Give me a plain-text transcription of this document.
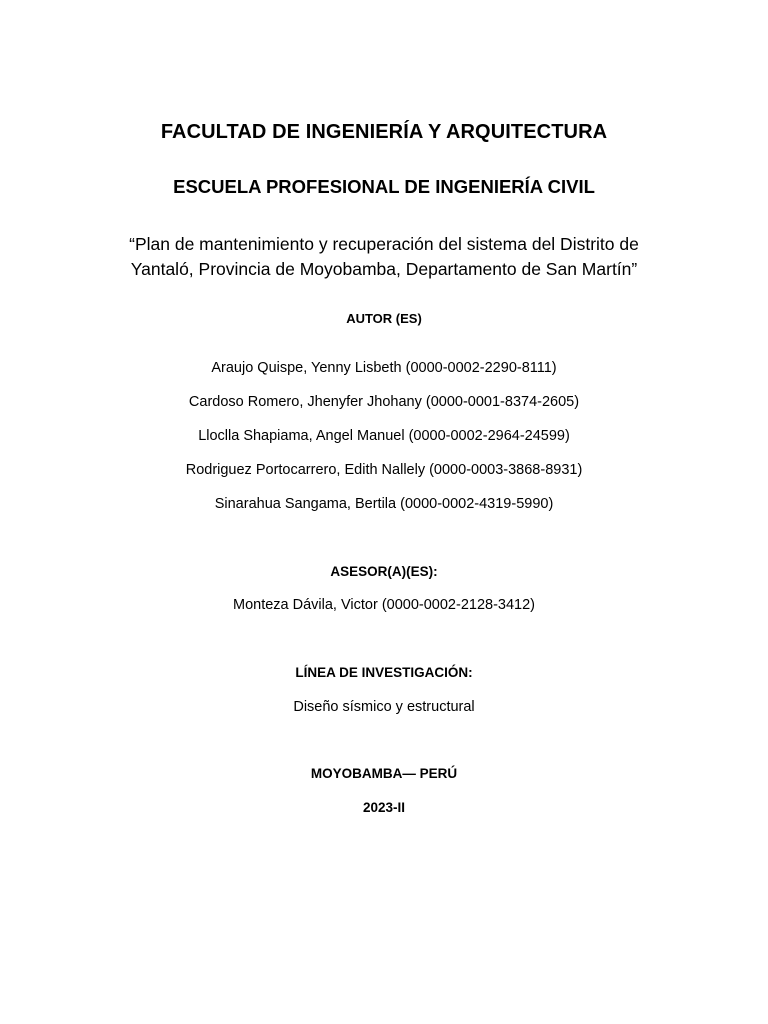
FACULTAD DE INGENIERÍA Y ARQUITECTURA
ESCUELA PROFESIONAL DE INGENIERÍA CIVIL
“Plan de mantenimiento y recuperación del sistema del Distrito de
Yantaló, Provincia de Moyobamba, Departamento de San Martín”
AUTOR (ES)
Araujo Quispe, Yenny Lisbeth (0000-0002-2290-8111)
Cardoso Romero, Jhenyfer Jhohany (0000-0001-8374-2605)
Lloclla Shapiama, Angel Manuel (0000-0002-2964-24599)
Rodriguez Portocarrero, Edith Nallely (0000-0003-3868-8931)
Sinarahua Sangama, Bertila (0000-0002-4319-5990)
ASESOR(A)(ES):
Monteza Dávila, Victor (0000-0002-2128-3412)
LÍNEA DE INVESTIGACIÓN:
Diseño sísmico y estructural
MOYOBAMBA— PERÚ
2023-II
